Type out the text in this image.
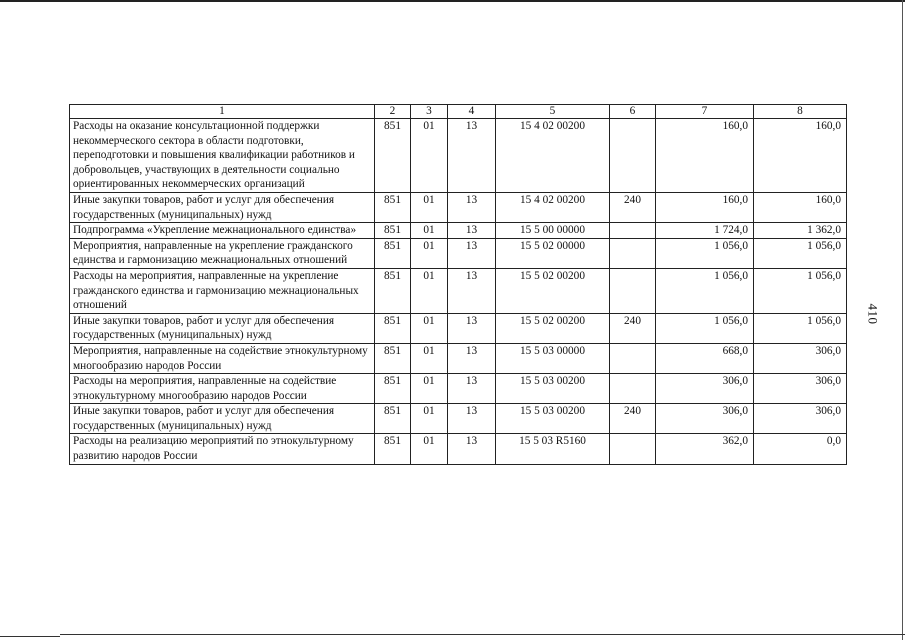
410
1	2	3	4	5	6	7	8
Расходы на оказание консультационной поддержки некоммерческого сектора в области подготовки, переподготовки и повышения квалификации работников и добровольцев, участвующих в деятельности социально ориентированных некоммерческих организаций	851	01	13	15 4 02 00200		160,0	160,0
Иные закупки товаров, работ и услуг для обеспечения государственных (муниципальных) нужд	851	01	13	15 4 02 00200	240	160,0	160,0
Подпрограмма «Укрепление межнационального единства»	851	01	13	15 5 00 00000		1 724,0	1 362,0
Мероприятия, направленные на укрепление гражданского единства и гармонизацию межнациональных отношений	851	01	13	15 5 02 00000		1 056,0	1 056,0
Расходы на мероприятия, направленные на укрепление гражданского единства и гармонизацию межнациональных отношений	851	01	13	15 5 02 00200		1 056,0	1 056,0
Иные закупки товаров, работ и услуг для обеспечения государственных (муниципальных) нужд	851	01	13	15 5 02 00200	240	1 056,0	1 056,0
Мероприятия, направленные на содействие этнокультурному многообразию народов России	851	01	13	15 5 03 00000		668,0	306,0
Расходы на мероприятия, направленные на содействие этнокультурному многообразию народов России	851	01	13	15 5 03 00200		306,0	306,0
Иные закупки товаров, работ и услуг для обеспечения государственных (муниципальных) нужд	851	01	13	15 5 03 00200	240	306,0	306,0
Расходы на реализацию мероприятий по этнокультурному развитию народов России	851	01	13	15 5 03 R5160		362,0	0,0
